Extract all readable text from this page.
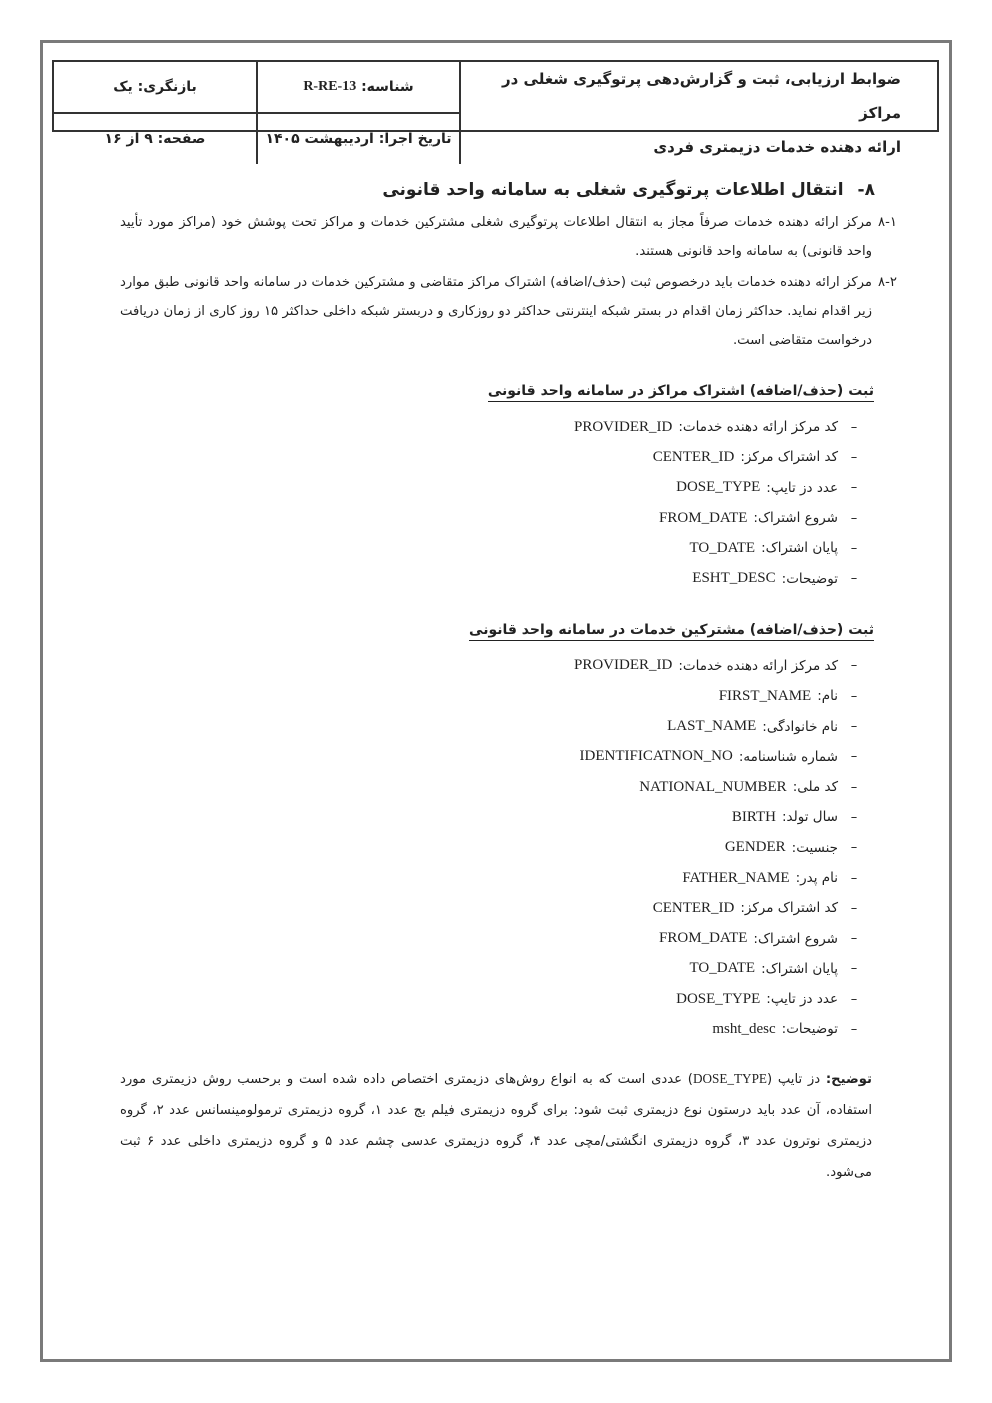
ضوابط ارزیابی، ثبت و گزارش‌دهی پرتوگیری شغلی در مراکز
ارائه دهنده خدمات دزیمتری فردی
شناسه:

R-RE-13
بازنگری:

یک
تاریخ اجرا:

اردیبهشت ۱۴۰۵
صفحه:

۹ از ۱۶
۸-
انتقال اطلاعات پرتوگیری شغلی به سامانه واحد قانونی
۸-۱
مرکز ارائه دهنده خدمات صرفاً مجاز به انتقال اطلاعات پرتوگیری شغلی مشترکین خدمات و مراکز تحت پوشش خود (مراکز مورد تأیید واحد قانونی) به سامانه واحد قانونی هستند.
۸-۲
مرکز ارائه دهنده خدمات باید درخصوص ثبت (حذف/اضافه) اشتراک مراکز متقاضی و مشترکین خدمات در سامانه واحد قانونی طبق موارد زیر اقدام نماید. حداکثر زمان اقدام در بستر شبکه اینترنتی حداکثر دو روزکاری و دربستر شبکه داخلی حداکثر ۱۵ روز کاری از زمان دریافت درخواست متقاضی است.
ثبت (حذف/اضافه) اشتراک مراکز در سامانه واحد قانونی
–
کد مرکز ارائه دهنده خدمات:
PROVIDER_ID
–
کد اشتراک مرکز:
CENTER_ID
–
عدد دز تایپ:
DOSE_TYPE
–
شروع اشتراک:
FROM_DATE
–
پایان اشتراک:
TO_DATE
–
توضیحات:
ESHT_DESC
ثبت (حذف/اضافه) مشترکین خدمات در سامانه واحد قانونی
–
کد مرکز ارائه دهنده خدمات:
PROVIDER_ID
–
نام:
FIRST_NAME
–
نام خانوادگی:
LAST_NAME
–
شماره شناسنامه:
IDENTIFICATNON_NO
–
کد ملی:
NATIONAL_NUMBER
–
سال تولد:
BIRTH
–
جنسیت:
GENDER
–
نام پدر:
FATHER_NAME
–
کد اشتراک مرکز:
CENTER_ID
–
شروع اشتراک:
FROM_DATE
–
پایان اشتراک:
TO_DATE
–
عدد دز تایپ:
DOSE_TYPE
–
توضیحات:
msht_desc
توضیح: دز تایپ (DOSE_TYPE) عددی است که به انواع روش‌های دزیمتری اختصاص داده شده است و برحسب روش دزیمتری مورد استفاده، آن عدد باید درستون نوع دزیمتری ثبت شود: برای گروه دزیمتری فیلم بج عدد ۱، گروه دزیمتری ترمولومینسانس عدد ۲، گروه دزیمتری نوترون عدد ۳، گروه دزیمتری انگشتی/مچی عدد ۴، گروه دزیمتری عدسی چشم عدد ۵ و گروه دزیمتری داخلی عدد ۶ ثبت می‌شود.
